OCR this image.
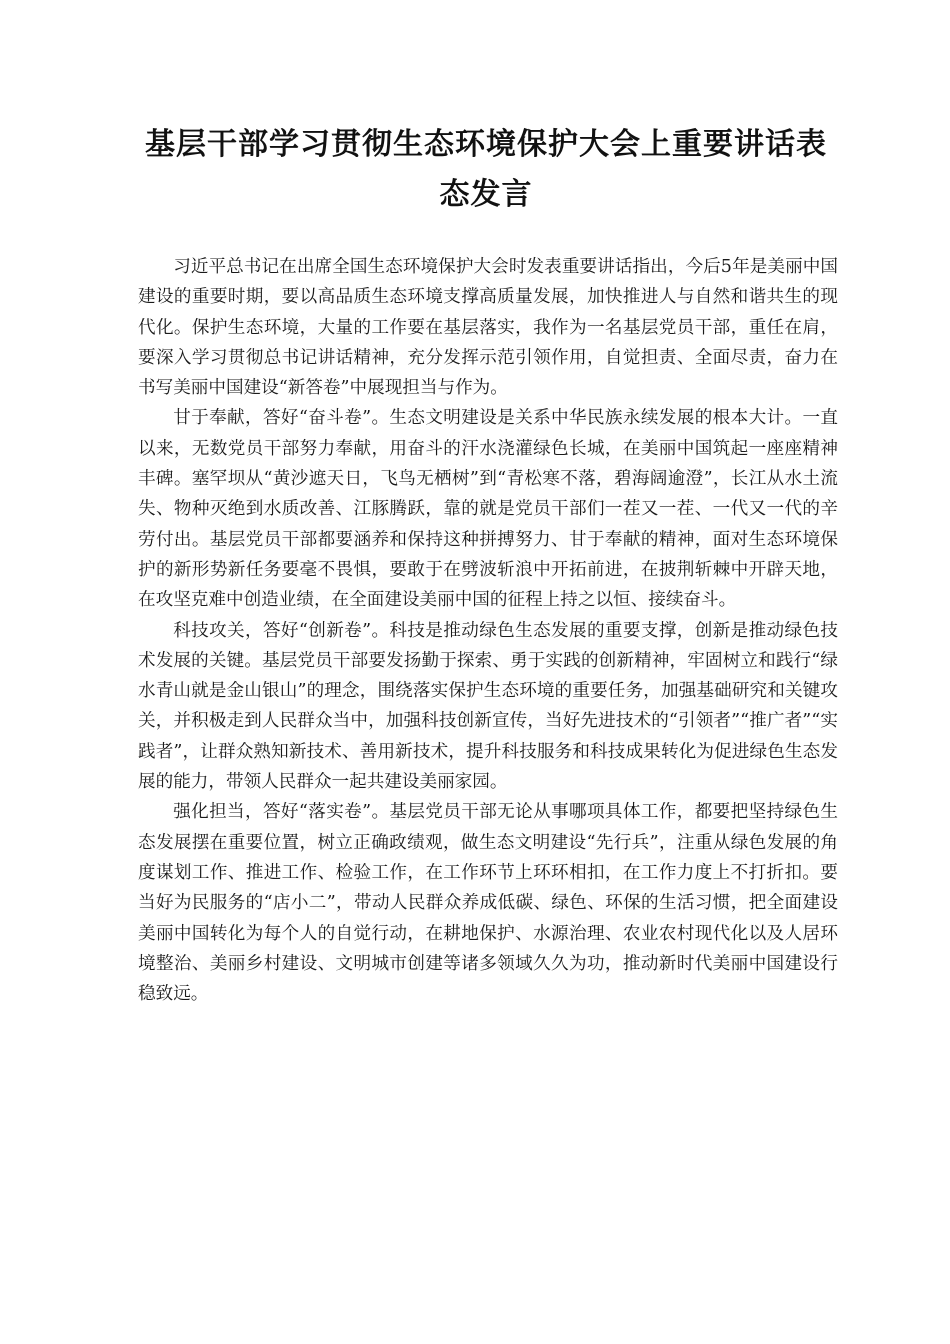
基层干部学习贯彻生态环境保护大会上重要讲话表态发言

习近平总书记在出席全国生态环境保护大会时发表重要讲话指出，今后5年是美丽中国建设的重要时期，要以高品质生态环境支撑高质量发展，加快推进人与自然和谐共生的现代化。保护生态环境，大量的工作要在基层落实，我作为一名基层党员干部，重任在肩，要深入学习贯彻总书记讲话精神，充分发挥示范引领作用，自觉担责、全面尽责，奋力在书写美丽中国建设“新答卷”中展现担当与作为。

甘于奉献，答好“奋斗卷”。生态文明建设是关系中华民族永续发展的根本大计。一直以来，无数党员干部努力奉献，用奋斗的汗水浇灌绿色长城，在美丽中国筑起一座座精神丰碑。塞罕坝从“黄沙遮天日，飞鸟无栖树”到“青松寒不落，碧海阔逾澄”，长江从水土流失、物种灭绝到水质改善、江豚腾跃，靠的就是党员干部们一茬又一茬、一代又一代的辛劳付出。基层党员干部都要涵养和保持这种拼搏努力、甘于奉献的精神，面对生态环境保护的新形势新任务要毫不畏惧，要敢于在劈波斩浪中开拓前进，在披荆斩棘中开辟天地，在攻坚克难中创造业绩，在全面建设美丽中国的征程上持之以恒、接续奋斗。

科技攻关，答好“创新卷”。科技是推动绿色生态发展的重要支撑，创新是推动绿色技术发展的关键。基层党员干部要发扬勤于探索、勇于实践的创新精神，牢固树立和践行“绿水青山就是金山银山”的理念，围绕落实保护生态环境的重要任务，加强基础研究和关键攻关，并积极走到人民群众当中，加强科技创新宣传，当好先进技术的“引领者”“推广者”“实践者”，让群众熟知新技术、善用新技术，提升科技服务和科技成果转化为促进绿色生态发展的能力，带领人民群众一起共建设美丽家园。

强化担当，答好“落实卷”。基层党员干部无论从事哪项具体工作，都要把坚持绿色生态发展摆在重要位置，树立正确政绩观，做生态文明建设“先行兵”，注重从绿色发展的角度谋划工作、推进工作、检验工作，在工作环节上环环相扣，在工作力度上不打折扣。要当好为民服务的“店小二”，带动人民群众养成低碳、绿色、环保的生活习惯，把全面建设美丽中国转化为每个人的自觉行动，在耕地保护、水源治理、农业农村现代化以及人居环境整治、美丽乡村建设、文明城市创建等诸多领域久久为功，推动新时代美丽中国建设行稳致远。
